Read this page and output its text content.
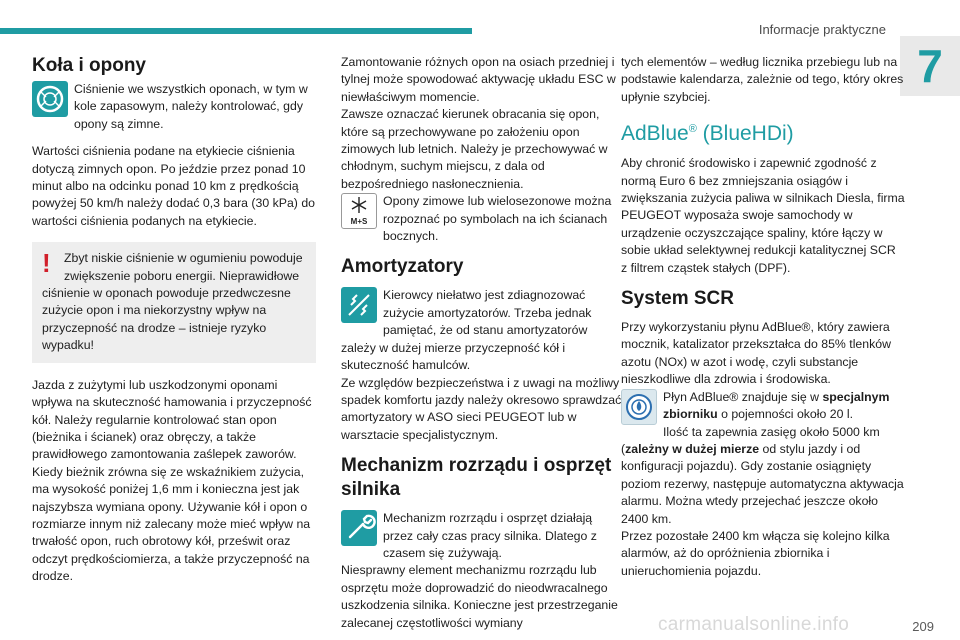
Informacje praktyczne
7
Koła i opony

Ciśnienie we wszystkich oponach, w tym w kole zapasowym, należy kontrolować, gdy opony są zimne.

Wartości ciśnienia podane na etykiecie ciśnienia dotyczą zimnych opon. Po jeździe przez ponad 10 minut albo na odcinku ponad 10 km z prędkością powyżej 50 km/h należy dodać 0,3 bara (30 kPa) do wartości ciśnienia podanych na etykiecie.

!	Zbyt niskie ciśnienie w ogumieniu powoduje zwiększenie poboru energii. Nieprawidłowe ciśnienie w oponach powoduje przedwczesne zużycie opon i ma niekorzystny wpływ na przyczepność na drodze – istnieje ryzyko wypadku!

Jazda z zużytymi lub uszkodzonymi oponami wpływa na skuteczność hamowania i przyczepność kół. Należy regularnie kontrolować stan opon (bieżnika i ścianek) oraz obręczy, a także prawidłowego zamontowania zaślepek zaworów.

Kiedy bieżnik zrówna się ze wskaźnikiem zużycia, ma wysokość poniżej 1,6 mm i konieczna jest jak najszybsza wymiana opony. Używanie kół i opon o rozmiarze innym niż zalecany może mieć wpływ na trwałość opon, ruch obrotowy kół, prześwit oraz odczyt prędkościomierza, a także przyczepność na drodze.

Zamontowanie różnych opon na osiach przedniej i tylnej może spowodować aktywację układu ESC w niewłaściwym momencie.

Zawsze oznaczać kierunek obracania się opon, które są przechowywane po założeniu opon zimowych lub letnich. Należy je przechowywać w chłodnym, suchym miejscu, z dala od bezpośredniego nasłonecznienia.

M+S

Opony zimowe lub wielosezonowe można rozpoznać po symbolach na ich ścianach bocznych.

Amortyzatory

Kierowcy niełatwo jest zdiagnozować zużycie amortyzatorów. Trzeba jednak pamiętać, że od stanu amortyzatorów zależy w dużej mierze przyczepność kół i skuteczność hamulców.

Ze względów bezpieczeństwa i z uwagi na możliwy spadek komfortu jazdy należy okresowo sprawdzać amortyzatory w ASO sieci PEUGEOT lub w warsztacie specjalistycznym.

Mechanizm rozrządu i osprzęt silnika

Mechanizm rozrządu i osprzęt działają przez cały czas pracy silnika. Dlatego z czasem się zużywają.

Niesprawny element mechanizmu rozrządu lub osprzętu może doprowadzić do nieodwracalnego uszkodzenia silnika. Konieczne jest przestrzeganie zalecanej częstotliwości wymiany

tych elementów – według licznika przebiegu lub na podstawie kalendarza, zależnie od tego, który okres upłynie szybciej.

AdBlue® (BlueHDi)

Aby chronić środowisko i zapewnić zgodność z normą Euro 6 bez zmniejszania osiągów i zwiększania zużycia paliwa w silnikach Diesla, firma PEUGEOT wyposaża swoje samochody w urządzenie oczyszczające spaliny, które łączy w sobie układ selektywnej redukcji katalitycznej SCR z filtrem cząstek stałych (DPF).

System SCR

Przy wykorzystaniu płynu AdBlue®, który zawiera mocznik, katalizator przekształca do 85% tlenków azotu (NOx) w azot i wodę, czyli substancje nieszkodliwe dla zdrowia i środowiska.

Płyn AdBlue® znajduje się w specjalnym zbiorniku o pojemności około 20 l.

Ilość ta zapewnia zasięg około 5000 km (zależny w dużej mierze od stylu jazdy i od konfiguracji pojazdu). Gdy zostanie osiągnięty poziom rezerwy, następuje automatyczna aktywacja alarmu. Można wtedy przejechać jeszcze około 2400 km.

Przez pozostałe 2400 km włącza się kolejno kilka alarmów, aż do opróżnienia zbiornika i unieruchomienia pojazdu.

carmanualsonline.info	209
